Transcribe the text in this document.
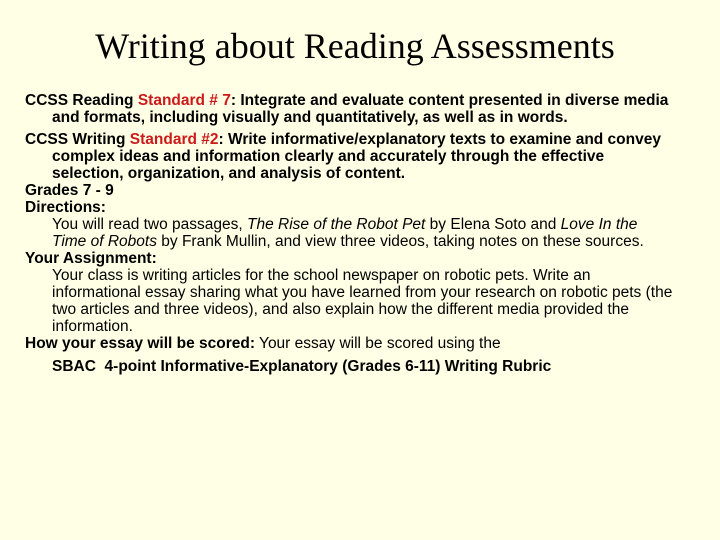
Writing about Reading Assessments

CCSS Reading Standard # 7: Integrate and evaluate content presented in diverse media and formats, including visually and quantitatively, as well as in words.

CCSS Writing Standard #2: Write informative/explanatory texts to examine and convey complex ideas and information clearly and accurately through the effective selection, organization, and analysis of content.

Grades 7 - 9

Directions:

You will read two passages, The Rise of the Robot Pet by Elena Soto and Love In the Time of Robots by Frank Mullin, and view three videos, taking notes on these sources.

Your Assignment:

Your class is writing articles for the school newspaper on robotic pets. Write an informational essay sharing what you have learned from your research on robotic pets (the two articles and three videos), and also explain how the different media provided the information.

How your essay will be scored: Your essay will be scored using the

SBAC  4-point Informative-Explanatory (Grades 6-11) Writing Rubric
